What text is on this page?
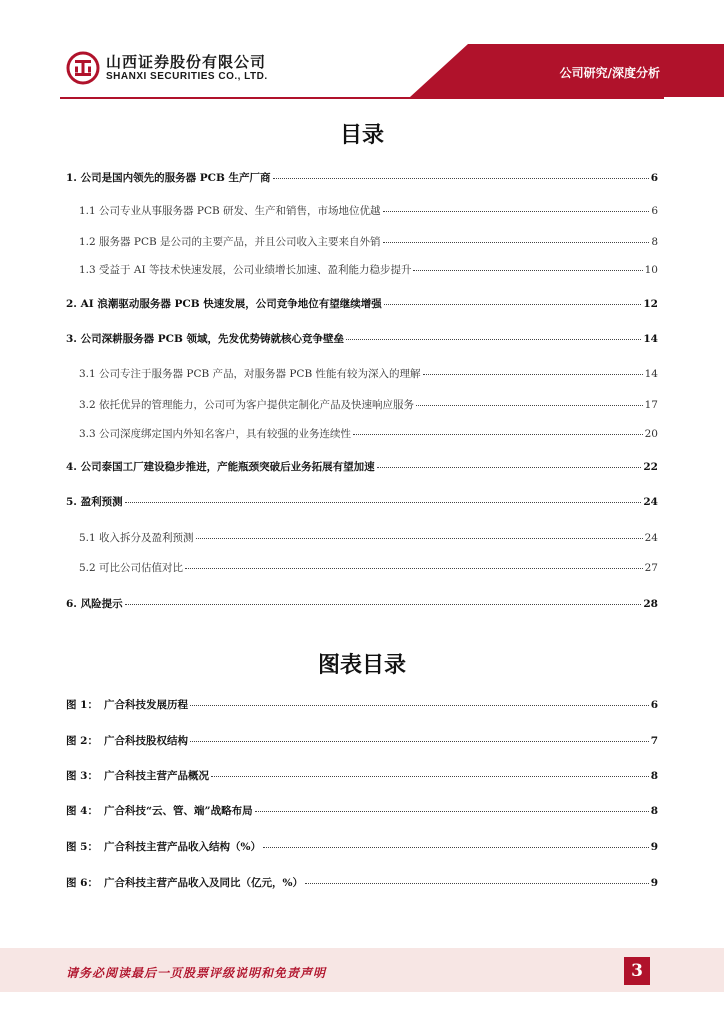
山西证券股份有限公司
SHANXI SECURITIES CO., LTD.	公司研究/深度分析
目录
1. 公司是国内领先的服务器 PCB 生产厂商	6
1.1 公司专业从事服务器 PCB 研发、生产和销售，市场地位优越	6
1.2 服务器 PCB 是公司的主要产品，并且公司收入主要来自外销	8
1.3 受益于 AI 等技术快速发展，公司业绩增长加速、盈利能力稳步提升	10
2. AI 浪潮驱动服务器 PCB 快速发展，公司竞争地位有望继续增强	12
3. 公司深耕服务器 PCB 领域，先发优势铸就核心竞争壁垒	14
3.1 公司专注于服务器 PCB 产品，对服务器 PCB 性能有较为深入的理解	14
3.2 依托优异的管理能力，公司可为客户提供定制化产品及快速响应服务	17
3.3 公司深度绑定国内外知名客户，具有较强的业务连续性	20
4. 公司泰国工厂建设稳步推进，产能瓶颈突破后业务拓展有望加速	22
5. 盈利预测	24
5.1 收入拆分及盈利预测	24
5.2 可比公司估值对比	27
6. 风险提示	28
图表目录
图 1： 广合科技发展历程	6
图 2： 广合科技股权结构	7
图 3： 广合科技主营产品概况	8
图 4： 广合科技“云、管、端”战略布局	8
图 5： 广合科技主营产品收入结构（%）	9
图 6： 广合科技主营产品收入及同比（亿元，%）	9
请务必阅读最后一页股票评级说明和免责声明	3
